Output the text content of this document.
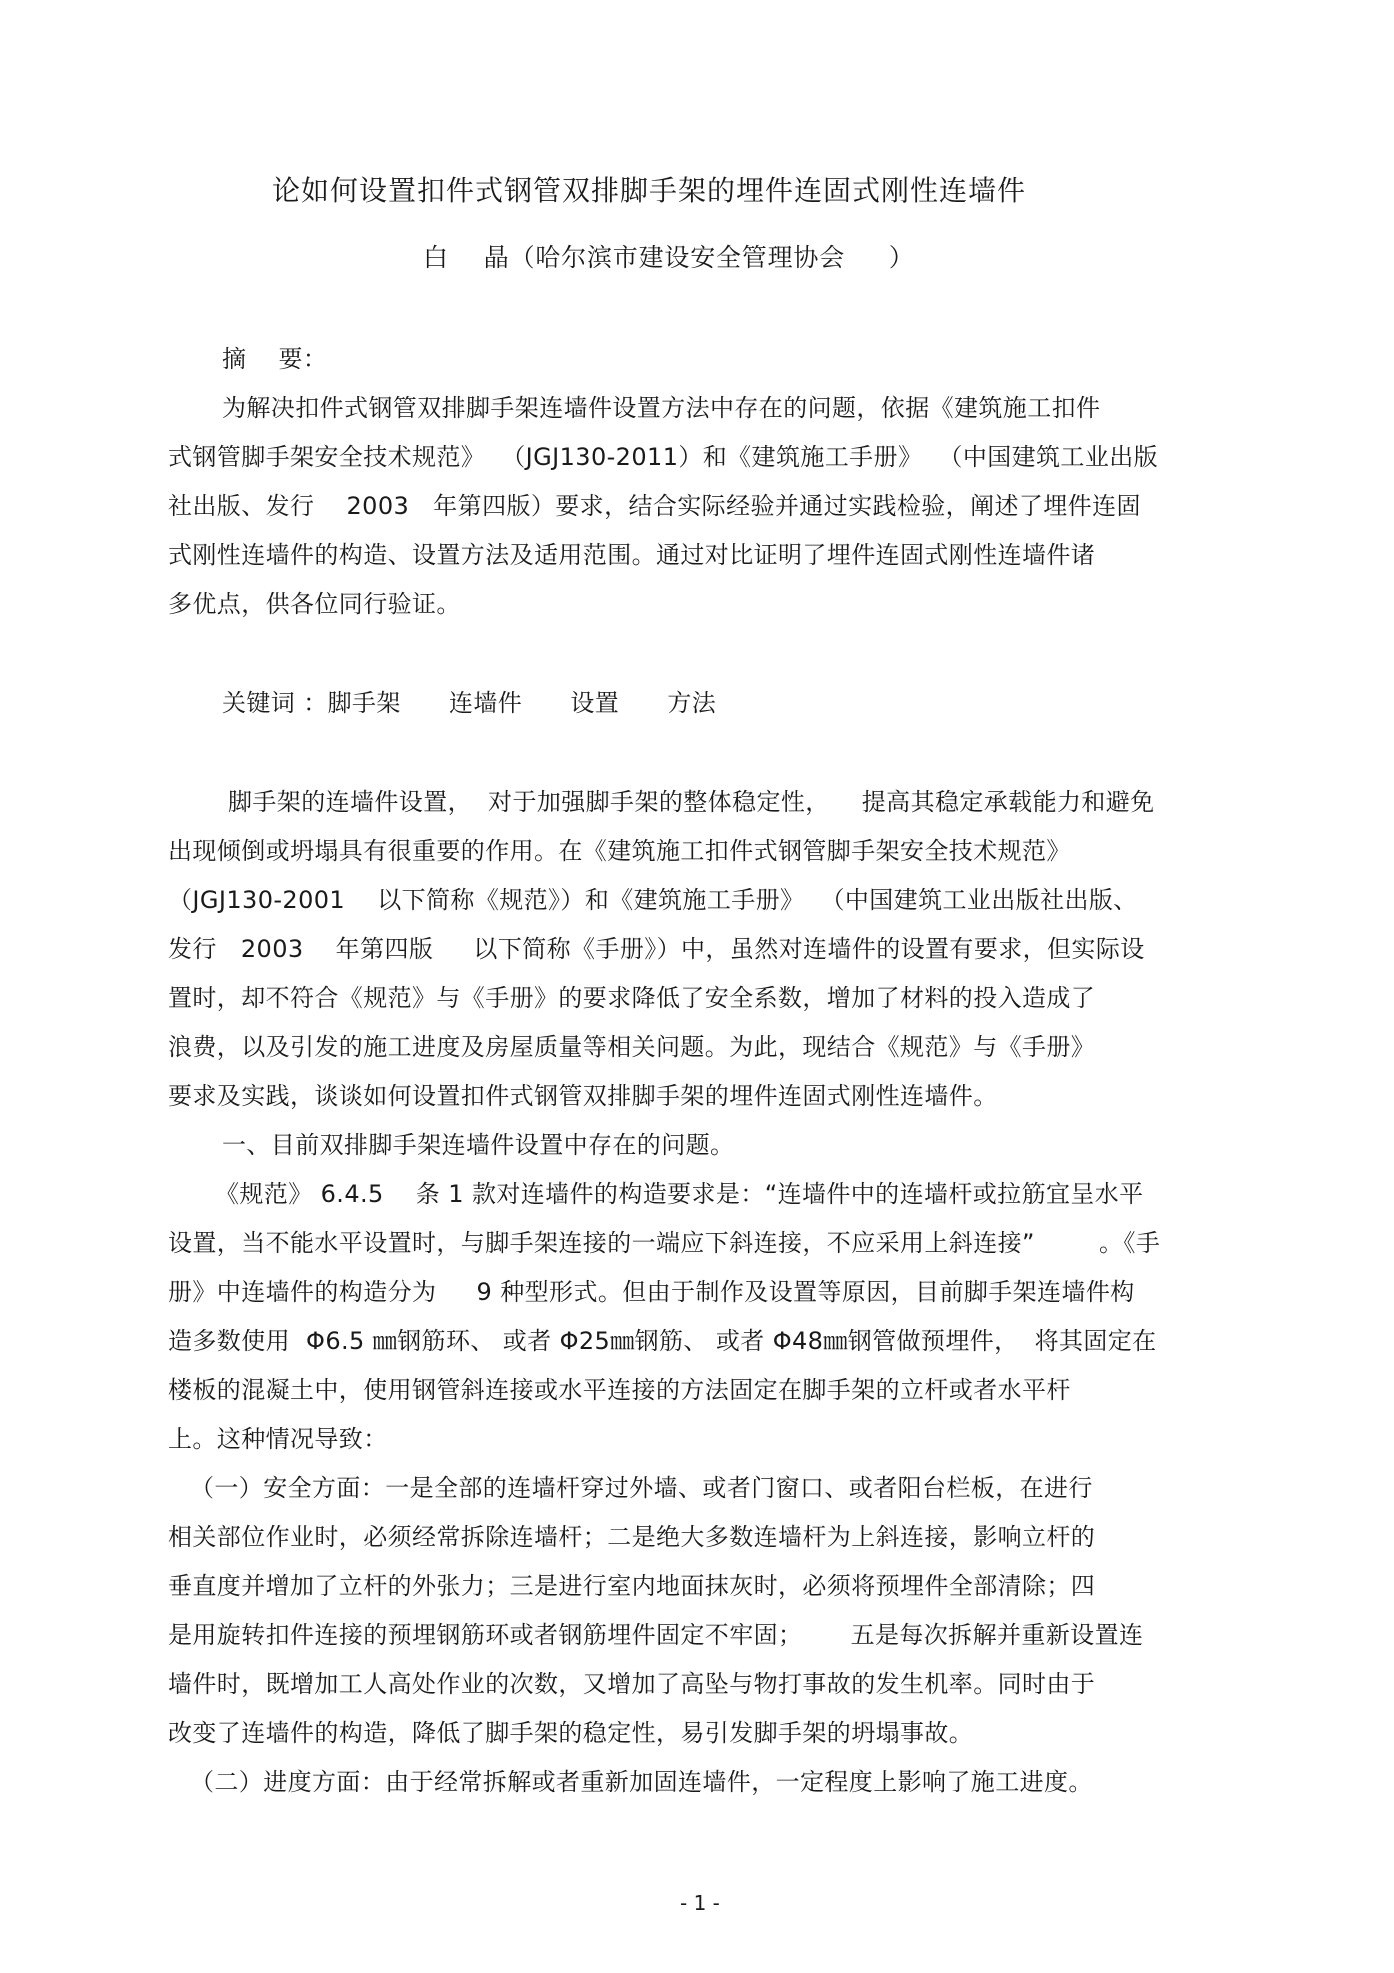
论如何设置扣件式钢管双排脚手架的埋件连固式刚性连墙件
白    晶（哈尔滨市建设安全管理协会     ）
摘    要：
为解决扣件式钢管双排脚手架连墙件设置方法中存在的问题，依据《建筑施工扣件
式钢管脚手架安全技术规范》  （JGJ130-2011）和《建筑施工手册》  （中国建筑工业出版
社出版、发行    2003   年第四版）要求，结合实际经验并通过实践检验，阐述了埋件连固
式刚性连墙件的构造、设置方法及适用范围。通过对比证明了埋件连固式刚性连墙件诸
多优点，供各位同行验证。
关键词 ：脚手架      连墙件      设置      方法
脚手架的连墙件设置，  对于加强脚手架的整体稳定性，    提高其稳定承载能力和避免
出现倾倒或坍塌具有很重要的作用。在《建筑施工扣件式钢管脚手架安全技术规范》
（JGJ130-2001    以下简称《规范》）和《建筑施工手册》  （中国建筑工业出版社出版、
发行   2003    年第四版     以下简称《手册》）中，虽然对连墙件的设置有要求，但实际设
置时，却不符合《规范》与《手册》的要求降低了安全系数，增加了材料的投入造成了
浪费，以及引发的施工进度及房屋质量等相关问题。为此，现结合《规范》与《手册》
要求及实践，谈谈如何设置扣件式钢管双排脚手架的埋件连固式刚性连墙件。
一、目前双排脚手架连墙件设置中存在的问题。
《规范》 6.4.5    条 1 款对连墙件的构造要求是：“连墙件中的连墙杆或拉筋宜呈水平
设置，当不能水平设置时，与脚手架连接的一端应下斜连接，不应采用上斜连接”        。《手
册》中连墙件的构造分为     9 种型形式。但由于制作及设置等原因，目前脚手架连墙件构
造多数使用  Φ6.5 ㎜钢筋环、 或者 Φ25㎜钢筋、 或者 Φ48㎜钢管做预埋件，  将其固定在
楼板的混凝土中，使用钢管斜连接或水平连接的方法固定在脚手架的立杆或者水平杆
上。这种情况导致：
（一）安全方面：一是全部的连墙杆穿过外墙、或者门窗口、或者阳台栏板，在进行
相关部位作业时，必须经常拆除连墙杆；二是绝大多数连墙杆为上斜连接，影响立杆的
垂直度并增加了立杆的外张力；三是进行室内地面抹灰时，必须将预埋件全部清除；四
是用旋转扣件连接的预埋钢筋环或者钢筋埋件固定不牢固；      五是每次拆解并重新设置连
墙件时，既增加工人高处作业的次数，又增加了高坠与物打事故的发生机率。同时由于
改变了连墙件的构造，降低了脚手架的稳定性，易引发脚手架的坍塌事故。
（二）进度方面：由于经常拆解或者重新加固连墙件，一定程度上影响了施工进度。
- 1 -
